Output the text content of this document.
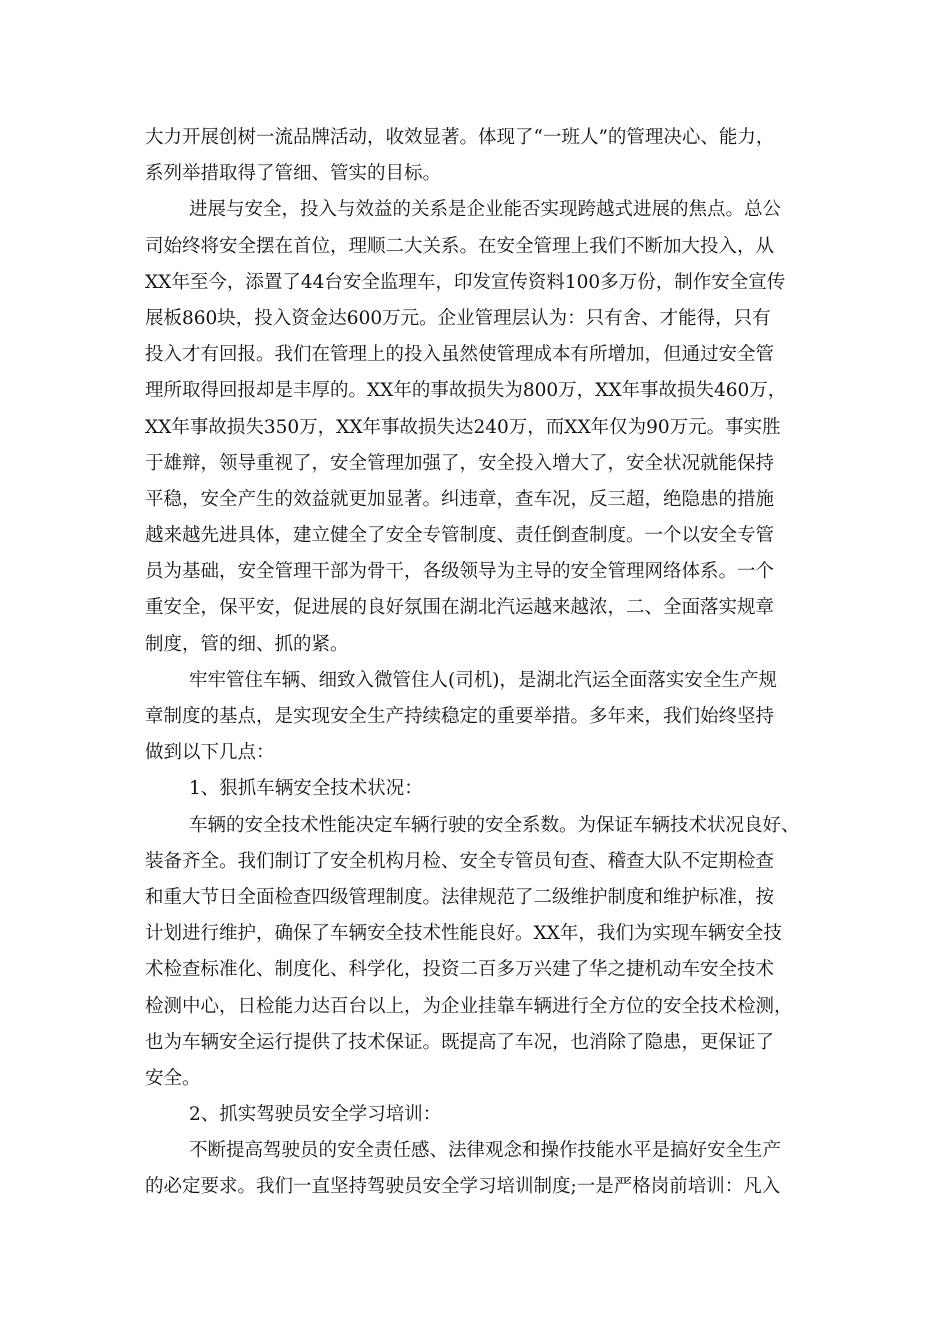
大力开展创树一流品牌活动，收效显著。体现了“一班人”的管理决心、能力，
系列举措取得了管细、管实的目标。
进展与安全，投入与效益的关系是企业能否实现跨越式进展的焦点。总公
司始终将安全摆在首位，理顺二大关系。在安全管理上我们不断加大投入，从
XX年至今，添置了44台安全监理车，印发宣传资料100多万份，制作安全宣传
展板860块，投入资金达600万元。企业管理层认为：只有舍、才能得，只有
投入才有回报。我们在管理上的投入虽然使管理成本有所增加，但通过安全管
理所取得回报却是丰厚的。XX年的事故损失为800万，XX年事故损失460万，
XX年事故损失350万，XX年事故损失达240万，而XX年仅为90万元。事实胜
于雄辩，领导重视了，安全管理加强了，安全投入增大了，安全状况就能保持
平稳，安全产生的效益就更加显著。纠违章，查车况，反三超，绝隐患的措施
越来越先进具体，建立健全了安全专管制度、责任倒查制度。一个以安全专管
员为基础，安全管理干部为骨干，各级领导为主导的安全管理网络体系。一个
重安全，保平安，促进展的良好氛围在湖北汽运越来越浓，二、全面落实规章
制度，管的细、抓的紧。
牢牢管住车辆、细致入微管住人(司机)，是湖北汽运全面落实安全生产规
章制度的基点，是实现安全生产持续稳定的重要举措。多年来，我们始终坚持
做到以下几点：
1、狠抓车辆安全技术状况：
车辆的安全技术性能决定车辆行驶的安全系数。为保证车辆技术状况良好、
装备齐全。我们制订了安全机构月检、安全专管员旬查、稽查大队不定期检查
和重大节日全面检查四级管理制度。法律规范了二级维护制度和维护标准，按
计划进行维护，确保了车辆安全技术性能良好。XX年，我们为实现车辆安全技
术检查标准化、制度化、科学化，投资二百多万兴建了华之捷机动车安全技术
检测中心，日检能力达百台以上，为企业挂靠车辆进行全方位的安全技术检测，
也为车辆安全运行提供了技术保证。既提高了车况，也消除了隐患，更保证了
安全。
2、抓实驾驶员安全学习培训：
不断提高驾驶员的安全责任感、法律观念和操作技能水平是搞好安全生产
的必定要求。我们一直坚持驾驶员安全学习培训制度;一是严格岗前培训：凡入
